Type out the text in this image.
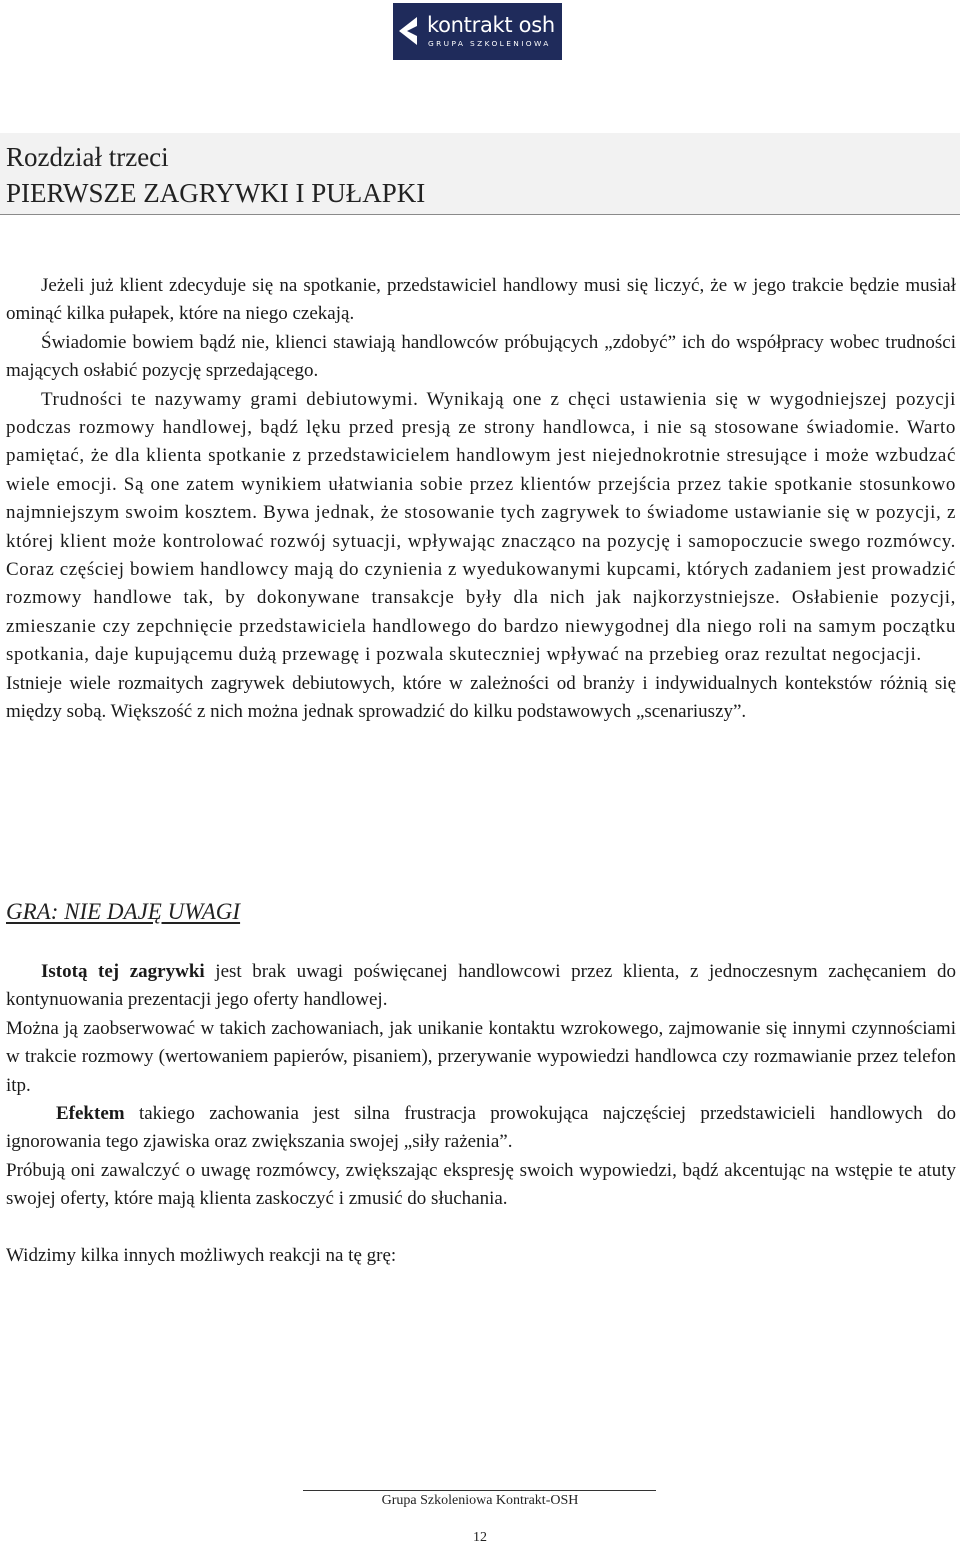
kontrakt osh
GRUPA SZKOLENIOWA
Rozdział trzeci
PIERWSZE ZAGRYWKI I PUŁAPKI

Jeżeli już klient zdecyduje się na spotkanie, przedstawiciel handlowy musi się liczyć, że w jego trakcie będzie musiał ominąć kilka pułapek, które na niego czekają.

Świadomie bowiem bądź nie, klienci stawiają handlowców próbujących „zdobyć” ich do współpracy wobec trudności mających osłabić pozycję sprzedającego.

Trudności te nazywamy grami debiutowymi. Wynikają one z chęci ustawienia się w wygodniejszej pozycji podczas rozmowy handlowej, bądź lęku przed presją ze strony handlowca, i nie są stosowane świadomie. Warto pamiętać, że dla klienta spotkanie z przedstawicielem handlowym jest niejednokrotnie stresujące i może wzbudzać wiele emocji. Są one zatem wynikiem ułatwiania sobie przez klientów przejścia przez takie spotkanie stosunkowo najmniejszym swoim kosztem. Bywa jednak, że stosowanie tych zagrywek to świadome ustawianie się w pozycji, z której klient może kontrolować rozwój sytuacji, wpływając znacząco na pozycję i samopoczucie swego rozmówcy. Coraz częściej bowiem handlowcy mają do czynienia z wyedukowanymi kupcami, których zadaniem jest prowadzić rozmowy handlowe tak, by dokonywane transakcje były dla nich jak najkorzystniejsze. Osłabienie pozycji, zmieszanie czy zepchnięcie przedstawiciela handlowego do bardzo niewygodnej dla niego roli na samym początku spotkania, daje kupującemu dużą przewagę i pozwala skuteczniej wpływać na przebieg oraz rezultat negocjacji.

Istnieje wiele rozmaitych zagrywek debiutowych, które w zależności od branży i indywidualnych kontekstów różnią się między sobą. Większość z nich można jednak sprowadzić do kilku podstawowych „scenariuszy”.

GRA: NIE DAJĘ UWAGI

Istotą tej zagrywki jest brak uwagi poświęcanej handlowcowi przez klienta, z jednoczesnym zachęcaniem do kontynuowania prezentacji jego oferty handlowej.

Można ją zaobserwować w takich zachowaniach, jak unikanie kontaktu wzrokowego, zajmowanie się innymi czynnościami w trakcie rozmowy (wertowaniem papierów, pisaniem), przerywanie wypowiedzi handlowca czy rozmawianie przez telefon itp.

Efektem takiego zachowania jest silna frustracja prowokująca najczęściej przedstawicieli handlowych do ignorowania tego zjawiska oraz zwiększania swojej „siły rażenia”.

Próbują oni zawalczyć o uwagę rozmówcy, zwiększając ekspresję swoich wypowiedzi, bądź akcentując na wstępie te atuty swojej oferty, które mają klienta zaskoczyć i zmusić do słuchania.

Widzimy kilka innych możliwych reakcji na tę grę:

Grupa Szkoleniowa Kontrakt-OSH
12
